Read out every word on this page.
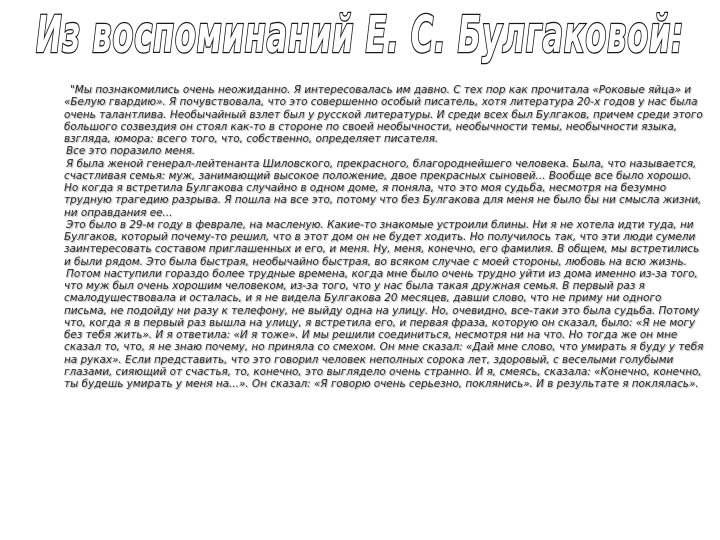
Из воспоминаний Е. С. Булгаковой:

"Мы познакомились очень неожиданно. Я интересовалась им давно. С тех пор как прочитала «Роковые яйца» и «Белую гвардию». Я почувствовала, что это совершенно особый писатель, хотя литература 20-х годов у нас была очень талантлива. Необычайный взлет был у русской литературы. И среди всех был Булгаков, причем среди этого большого созвездия он стоял как-то в стороне по своей необычности, необычности темы, необычности языка, взгляда, юмора: всего того, что, собственно, определяет писателя.

Все это поразило меня.

Я была женой генерал-лейтенанта Шиловского, прекрасного, благороднейшего человека. Была, что называется, счастливая семья: муж, занимающий высокое положение, двое прекрасных сыновей... Вообще все было хорошо. Но когда я встретила Булгакова случайно в одном доме, я поняла, что это моя судьба, несмотря на безумно трудную трагедию разрыва. Я пошла на все это, потому что без Булгакова для меня не было бы ни смысла жизни, ни оправдания ее...

Это было в 29-м году в феврале, на масленую. Какие-то знакомые устроили блины. Ни я не хотела идти туда, ни Булгаков, который почему-то решил, что в этот дом он не будет ходить. Но получилось так, что эти люди сумели заинтересовать составом приглашенных и его, и меня. Ну, меня, конечно, его фамилия. В общем, мы встретились и были рядом. Это была быстрая, необычайно быстрая, во всяком случае с моей стороны, любовь на всю жизнь.

Потом наступили гораздо более трудные времена, когда мне было очень трудно уйти из дома именно из-за того, что муж был очень хорошим человеком, из-за того, что у нас была такая дружная семья. В первый раз я смалодушествовала и осталась, и я не видела Булгакова 20 месяцев, давши слово, что не приму ни одного письма, не подойду ни разу к телефону, не выйду одна на улицу. Но, очевидно, все-таки это была судьба. Потому что, когда я в первый раз вышла на улицу, я встретила его, и первая фраза, которую он сказал, было: «Я не могу без тебя жить». И я ответила: «И я тоже». И мы решили соединиться, несмотря ни на что. Но тогда же он мне сказал то, что, я не знаю почему, но приняла со смехом. Он мне сказал: «Дай мне слово, что умирать я буду у тебя на руках». Если представить, что это говорил человек неполных сорока лет, здоровый, с веселыми голубыми глазами, сияющий от счастья, то, конечно, это выглядело очень странно. И я, смеясь, сказала: «Конечно, конечно, ты будешь умирать у меня на...». Он сказал: «Я говорю очень серьезно, поклянись». И в результате я поклялась».
